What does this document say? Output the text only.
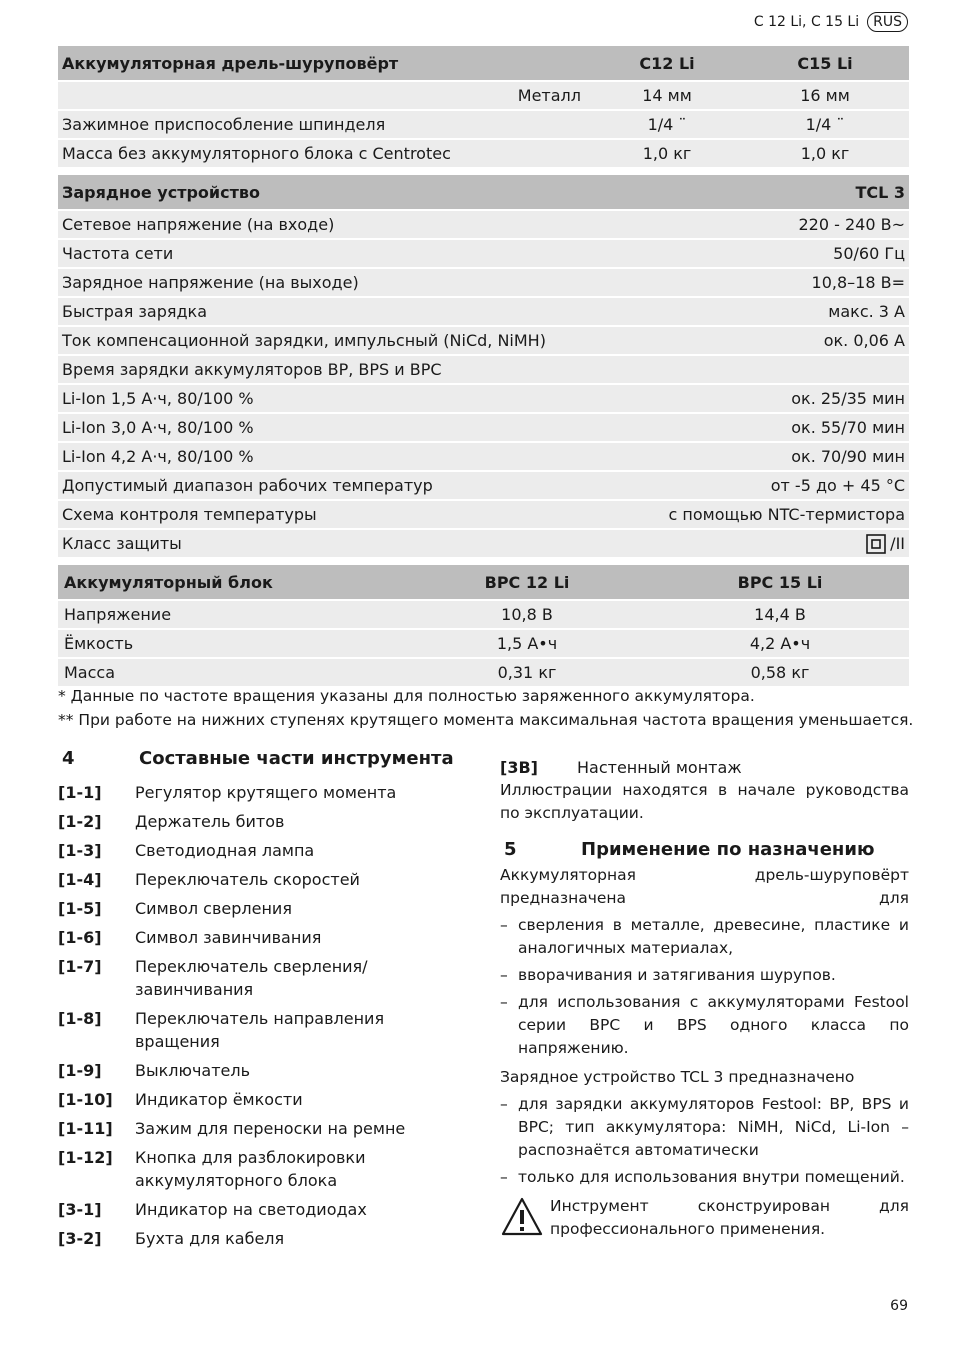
C 12 Li, C 15 Li	RUS
Аккумуляторная дрель-шуруповёрт	C12 Li	C15 Li
Металл	14 мм	16 мм
Зажимное приспособление шпинделя	1/4 ¨	1/4 ¨
Масса без аккумуляторного блока с Centrotec	1,0 кг	1,0 кг
Зарядное устройство	TCL 3
Сетевое напряжение (на входе)	220 - 240 В~
Частота сети	50/60 Гц
Зарядное напряжение (на выходе)	10,8–18 В=
Быстрая зарядка	макс. 3 А
Ток компенсационной зарядки, импульсный (NiCd, NiMH)	ок. 0,06 А
Время зарядки аккумуляторов BP, BPS и BPC
Li-Ion 1,5 А·ч, 80/100 %	ок. 25/35 мин
Li-Ion 3,0 А·ч, 80/100 %	ок. 55/70 мин
Li-Ion 4,2 А·ч, 80/100 %	ок. 70/90 мин
Допустимый диапазон рабочих температур	от -5 до + 45 °C
Схема контроля температуры	с помощью NTC-термистора
Класс защиты	/II
Аккумуляторный блок	BPC 12 Li	BPC 15 Li
Напряжение	10,8 В	14,4 В
Ёмкость	1,5 А•ч	4,2 А•ч
Масса	0,31 кг	0,58 кг
* Данные по частоте вращения указаны для полностью заряженного аккумулятора.
** При работе на нижних ступенях крутящего момента максимальная частота вращения уменьшается.
4	Составные части инструмента
[1-1]	Регулятор крутящего момента
[1-2]	Держатель битов
[1-3]	Светодиодная лампа
[1-4]	Переключатель скоростей
[1-5]	Символ сверления
[1-6]	Символ завинчивания
[1-7]	Переключатель сверления/ завинчивания
[1-8]	Переключатель направления вращения
[1-9]	Выключатель
[1-10]	Индикатор ёмкости
[1-11]	Зажим для переноски на ремне
[1-12]	Кнопка для разблокировки аккумуляторного блока
[3-1]	Индикатор на светодиодах
[3-2]	Бухта для кабеля
[3B]	Настенный монтаж
Иллюстрации находятся в начале руководства по эксплуатации.
5	Применение по назначению
Аккумуляторная дрель-шуруповёрт предназначена для
– сверления в металле, древесине, пластике и аналогичных материалах,
– вворачивания и затягивания шурупов.
– для использования с аккумуляторами Festool серии BPC и BPS одного класса по напряжению.
Зарядное устройство TCL 3 предназначено
– для зарядки аккумуляторов Festool: BP, BPS и BPC; тип аккумулятора: NiMH, NiCd, Li-Ion – распознаётся автоматически
– только для использования внутри помещений.
Инструмент сконструирован для профессионального применения.
69
